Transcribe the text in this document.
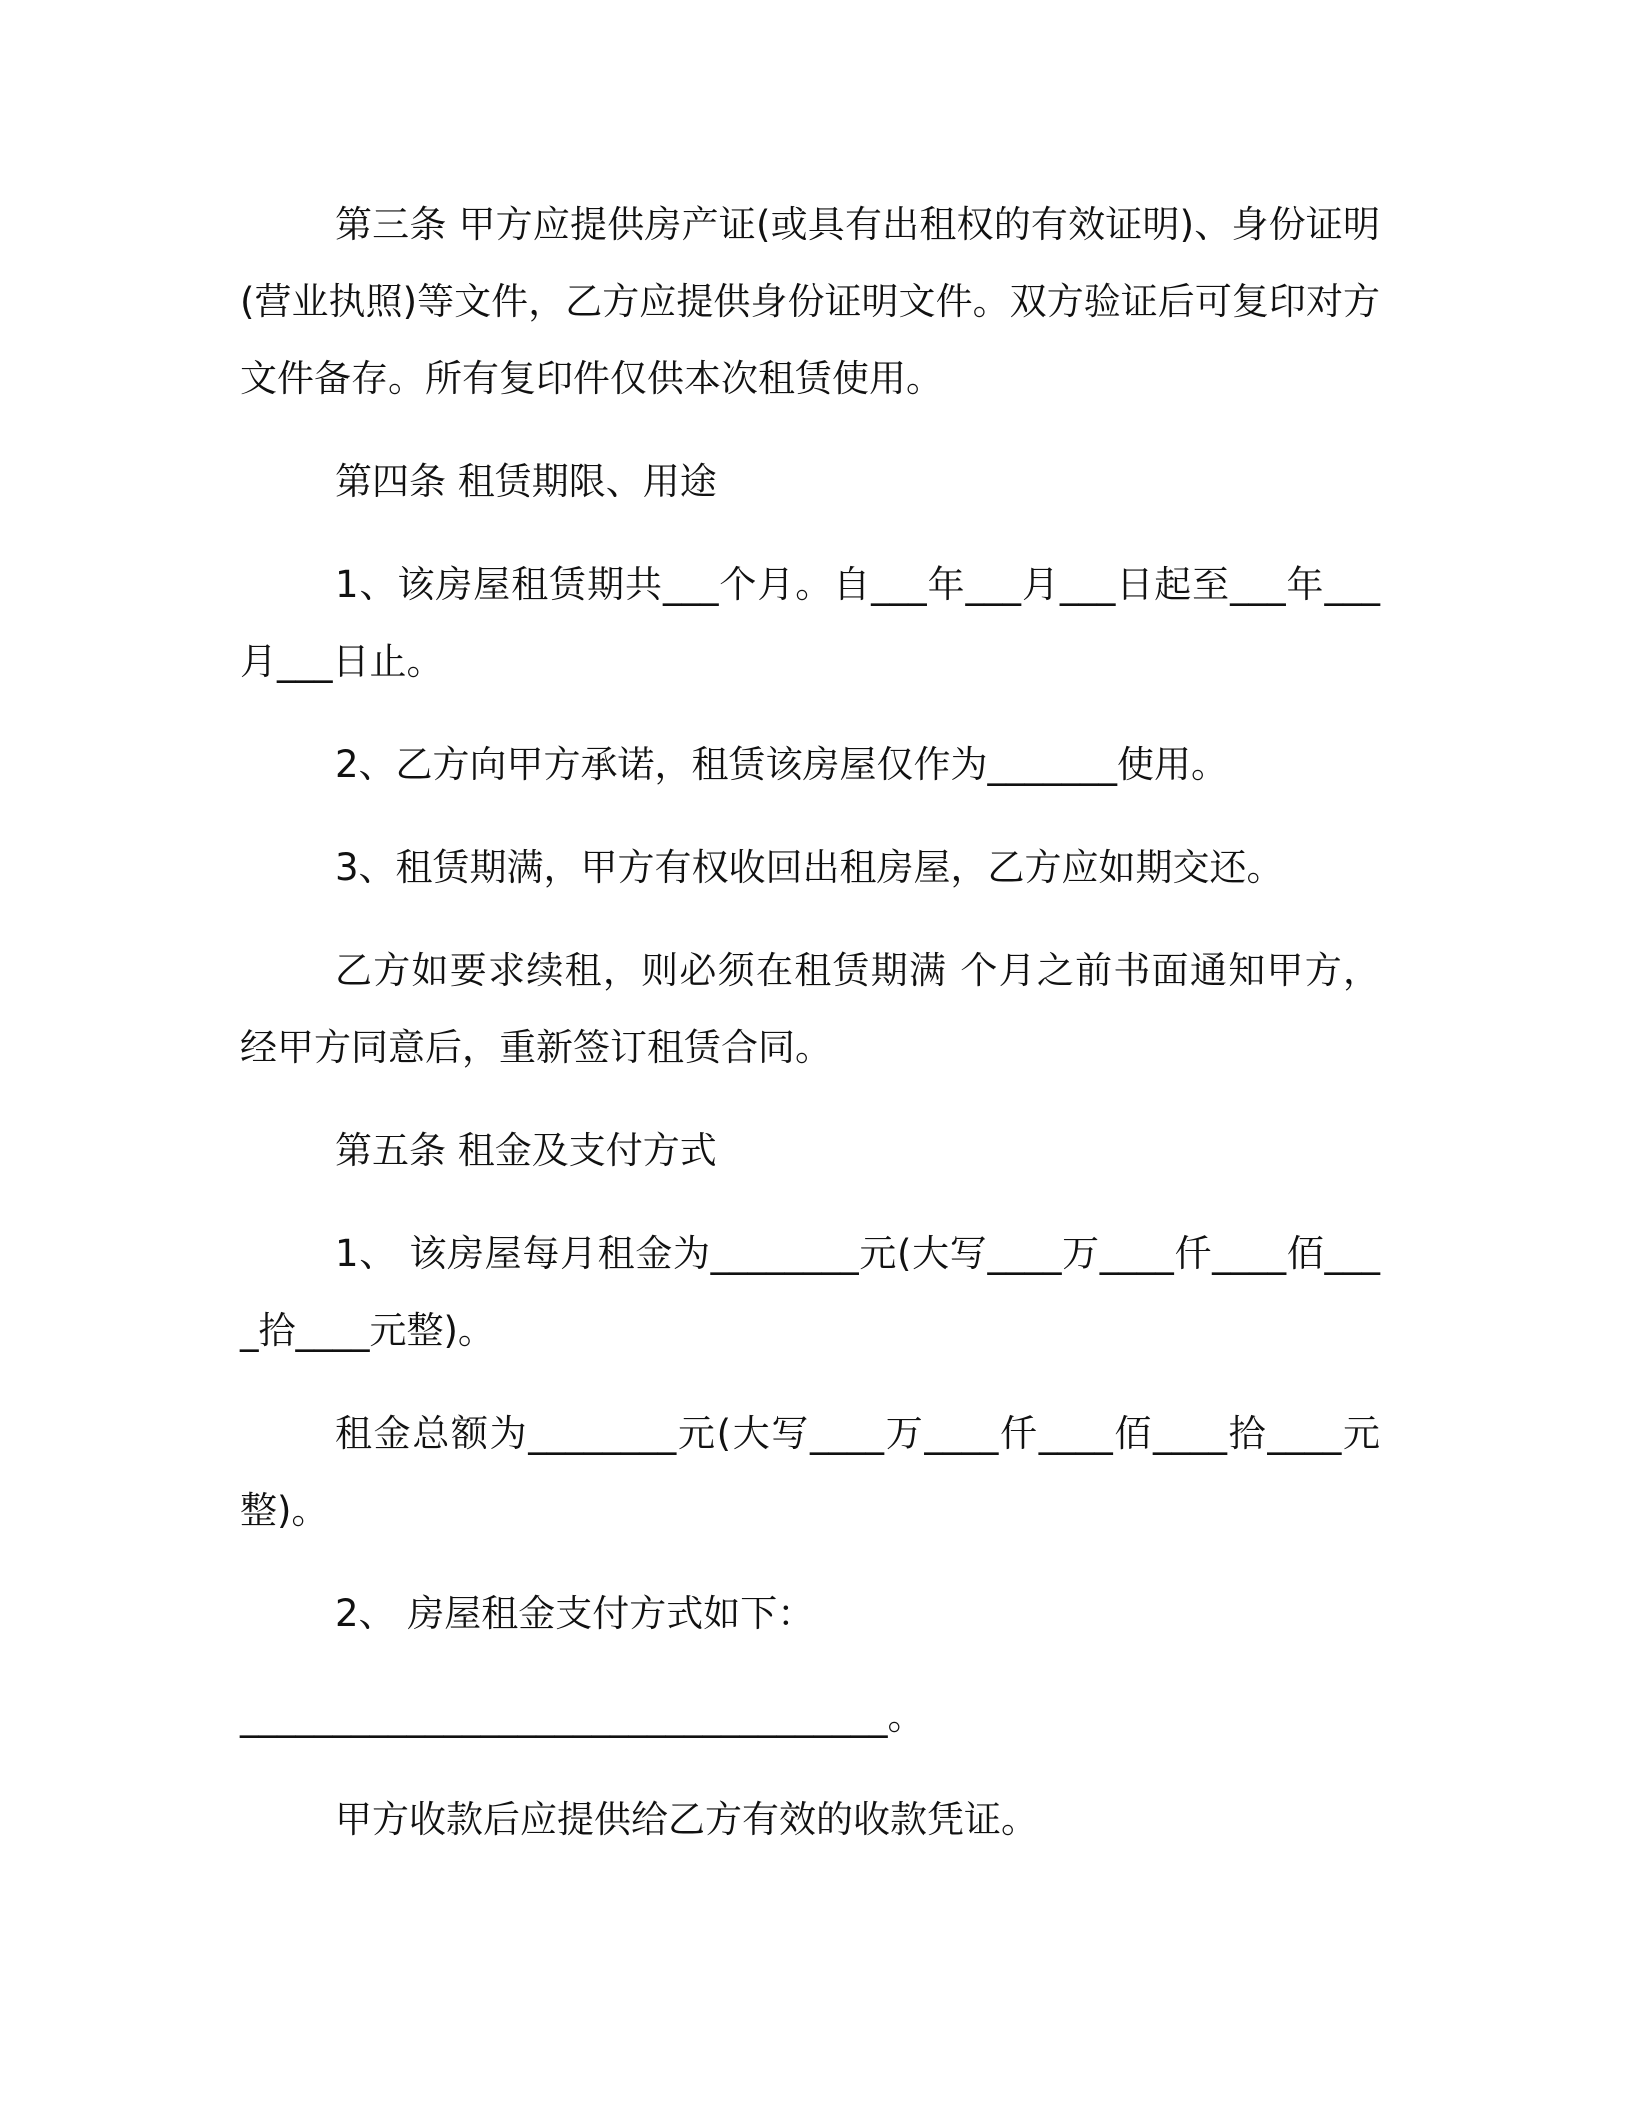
第三条 甲方应提供房产证(或具有出租权的有效证明)、身份证明(营业执照)等文件，乙方应提供身份证明文件。双方验证后可复印对方文件备存。所有复印件仅供本次租赁使用。

第四条 租赁期限、用途

1、该房屋租赁期共___个月。自___年___月___日起至___年___月___日止。

2、乙方向甲方承诺，租赁该房屋仅作为_______使用。

3、租赁期满，甲方有权收回出租房屋，乙方应如期交还。

乙方如要求续租，则必须在租赁期满 个月之前书面通知甲方，经甲方同意后，重新签订租赁合同。

第五条 租金及支付方式

1、 该房屋每月租金为________元(大写____万____仟____佰____拾____元整)。

租金总额为________元(大写____万____仟____佰____拾____元整)。

2、 房屋租金支付方式如下：

___________________________________。

甲方收款后应提供给乙方有效的收款凭证。
